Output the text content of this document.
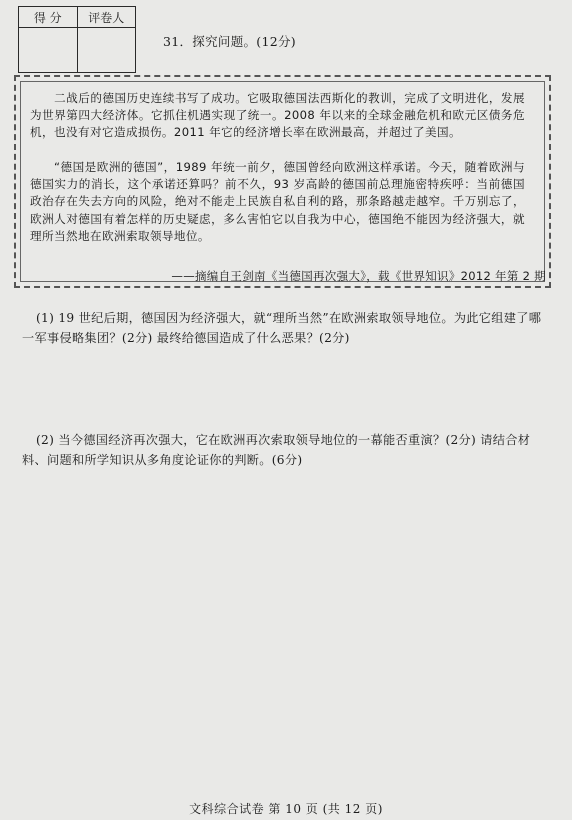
得 分	评卷人

31．探究问题。(12分)
二战后的德国历史连续书写了成功。它吸取德国法西斯化的教训，完成了文明进化，发展为世界第四大经济体。它抓住机遇实现了统一。2008 年以来的全球金融危机和欧元区债务危机，也没有对它造成损伤。2011 年它的经济增长率在欧洲最高，并超过了美国。
“德国是欧洲的德国”，1989 年统一前夕，德国曾经向欧洲这样承诺。今天，随着欧洲与德国实力的消长，这个承诺还算吗？前不久，93 岁高龄的德国前总理施密特疾呼：当前德国政治存在失去方向的风险，绝对不能走上民族自私自利的路，那条路越走越窄。千万别忘了，欧洲人对德国有着怎样的历史疑虑，多么害怕它以自我为中心，德国绝不能因为经济强大，就理所当然地在欧洲索取领导地位。
——摘编自王剑南《当德国再次强大》，载《世界知识》2012 年第 2 期
(1) 19 世纪后期，德国因为经济强大，就“理所当然”在欧洲索取领导地位。为此它组建了哪一军事侵略集团？(2分) 最终给德国造成了什么恶果？(2分)
(2) 当今德国经济再次强大，它在欧洲再次索取领导地位的一幕能否重演？(2分) 请结合材料、问题和所学知识从多角度论证你的判断。(6分)
文科综合试卷 第 10 页 (共 12 页)
